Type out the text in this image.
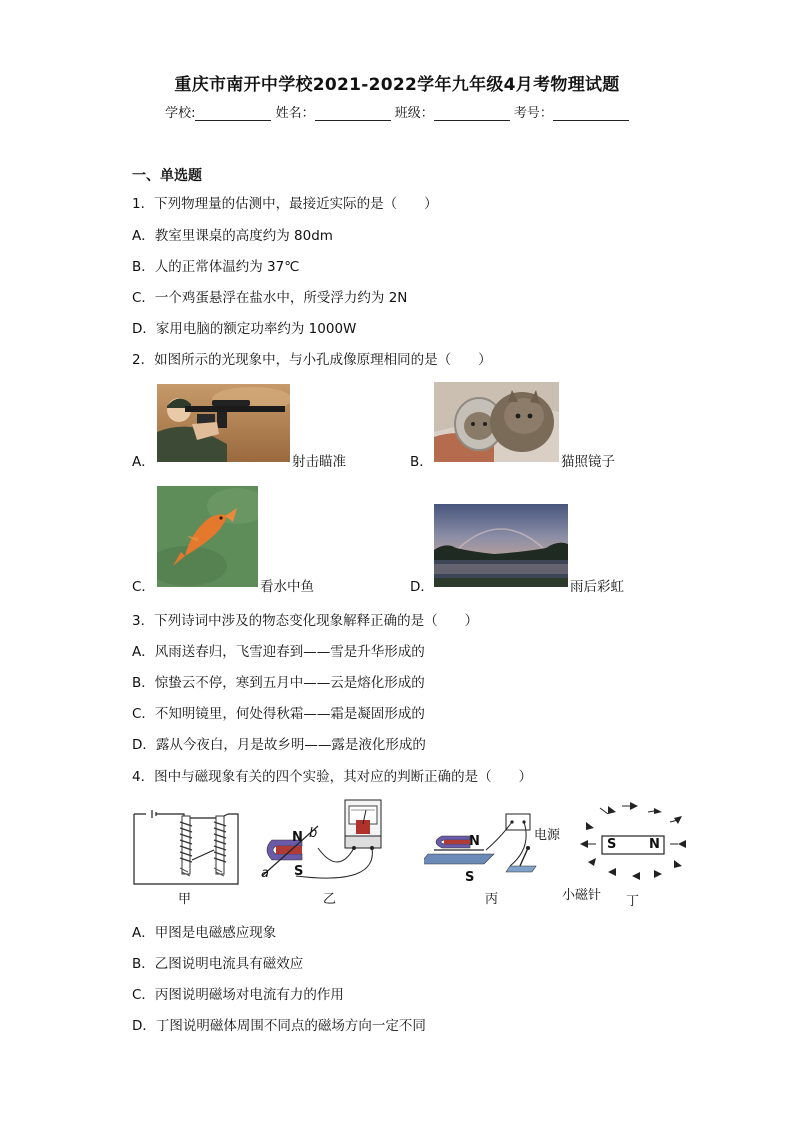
重庆市南开中学校2021-2022学年九年级4月考物理试题
学校:	姓名：	班级：	考号：
一、单选题
1．下列物理量的估测中，最接近实际的是（　　）
A．教室里课桌的高度约为 80dm
B．人的正常体温约为 37℃
C．一个鸡蛋悬浮在盐水中，所受浮力约为 2N
D．家用电脑的额定功率约为 1000W
2．如图所示的光现象中，与小孔成像原理相同的是（　　）
A．	射击瞄准	B．	猫照镜子
C．	看水中鱼	D．	雨后彩虹
3．下列诗词中涉及的物态变化现象解释正确的是（　　）
A．风雨送春归，飞雪迎春到——雪是升华形成的
B．惊蛰云不停，寒到五月中——云是熔化形成的
C．不知明镜里，何处得秋霜——霜是凝固形成的
D．露从今夜白，月是故乡明——露是液化形成的
4．图中与磁现象有关的四个实验，其对应的判断正确的是（　　）
甲
N b
S
a
乙
电源
N
S
丙
S	N
小磁针 丁
A．甲图是电磁感应现象
B．乙图说明电流具有磁效应
C．丙图说明磁场对电流有力的作用
D．丁图说明磁体周围不同点的磁场方向一定不同
